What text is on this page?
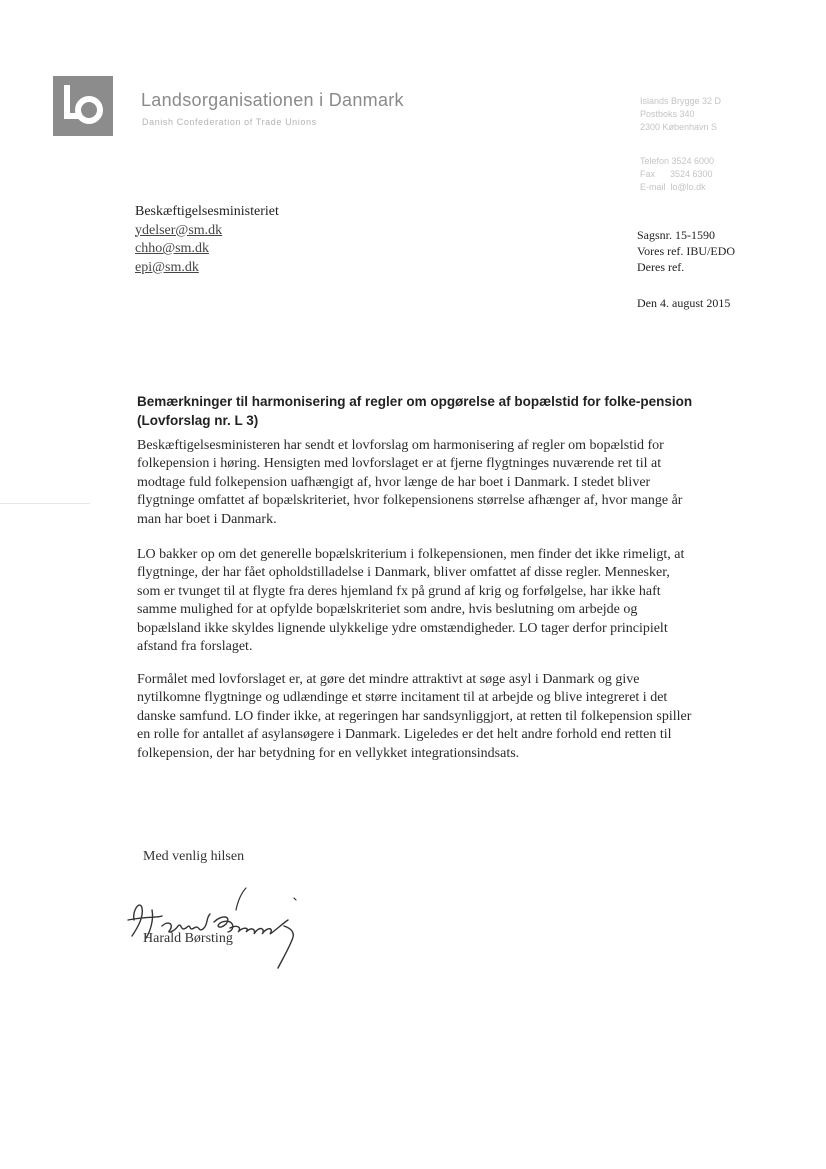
Landsorganisationen i Danmark
Danish Confederation of Trade Unions
Islands Brygge 32 D
Postboks 340
2300 København S
Telefon 3524 6000
Fax      3524 6300
E-mail  lo@lo.dk
Beskæftigelsesministeriet
ydelser@sm.dk
chho@sm.dk
epi@sm.dk
Sagsnr. 15-1590
Vores ref. IBU/EDO
Deres ref.
Den 4. august 2015
Bemærkninger til harmonisering af regler om opgørelse af bopælstid for folke-pension (Lovforslag nr. L 3)

Beskæftigelsesministeren har sendt et lovforslag om harmonisering af regler om bopælstid for folkepension i høring. Hensigten med lovforslaget er at fjerne flygtninges nuværende ret til at modtage fuld folkepension uafhængigt af, hvor længe de har boet i Danmark. I stedet bliver flygtninge omfattet af bopælskriteriet, hvor folkepensionens størrelse afhænger af, hvor mange år man har boet i Danmark.

LO bakker op om det generelle bopælskriterium i folkepensionen, men finder det ikke rimeligt, at flygtninge, der har fået opholdstilladelse i Danmark, bliver omfattet af disse regler. Mennesker, som er tvunget til at flygte fra deres hjemland fx på grund af krig og forfølgelse, har ikke haft samme mulighed for at opfylde bopælskriteriet som andre, hvis beslutning om arbejde og bopælsland ikke skyldes lignende ulykkelige ydre omstændigheder. LO tager derfor principielt afstand fra forslaget.

Formålet med lovforslaget er, at gøre det mindre attraktivt at søge asyl i Danmark og give nytilkomne flygtninge og udlændinge et større incitament til at arbejde og blive integreret i det danske samfund. LO finder ikke, at regeringen har sandsynliggjort, at retten til folkepension spiller en rolle for antallet af asylansøgere i Danmark. Ligeledes er det helt andre forhold end retten til folkepension, der har betydning for en vellykket integrationsindsats.

Med venlig hilsen
Harald Børsting
